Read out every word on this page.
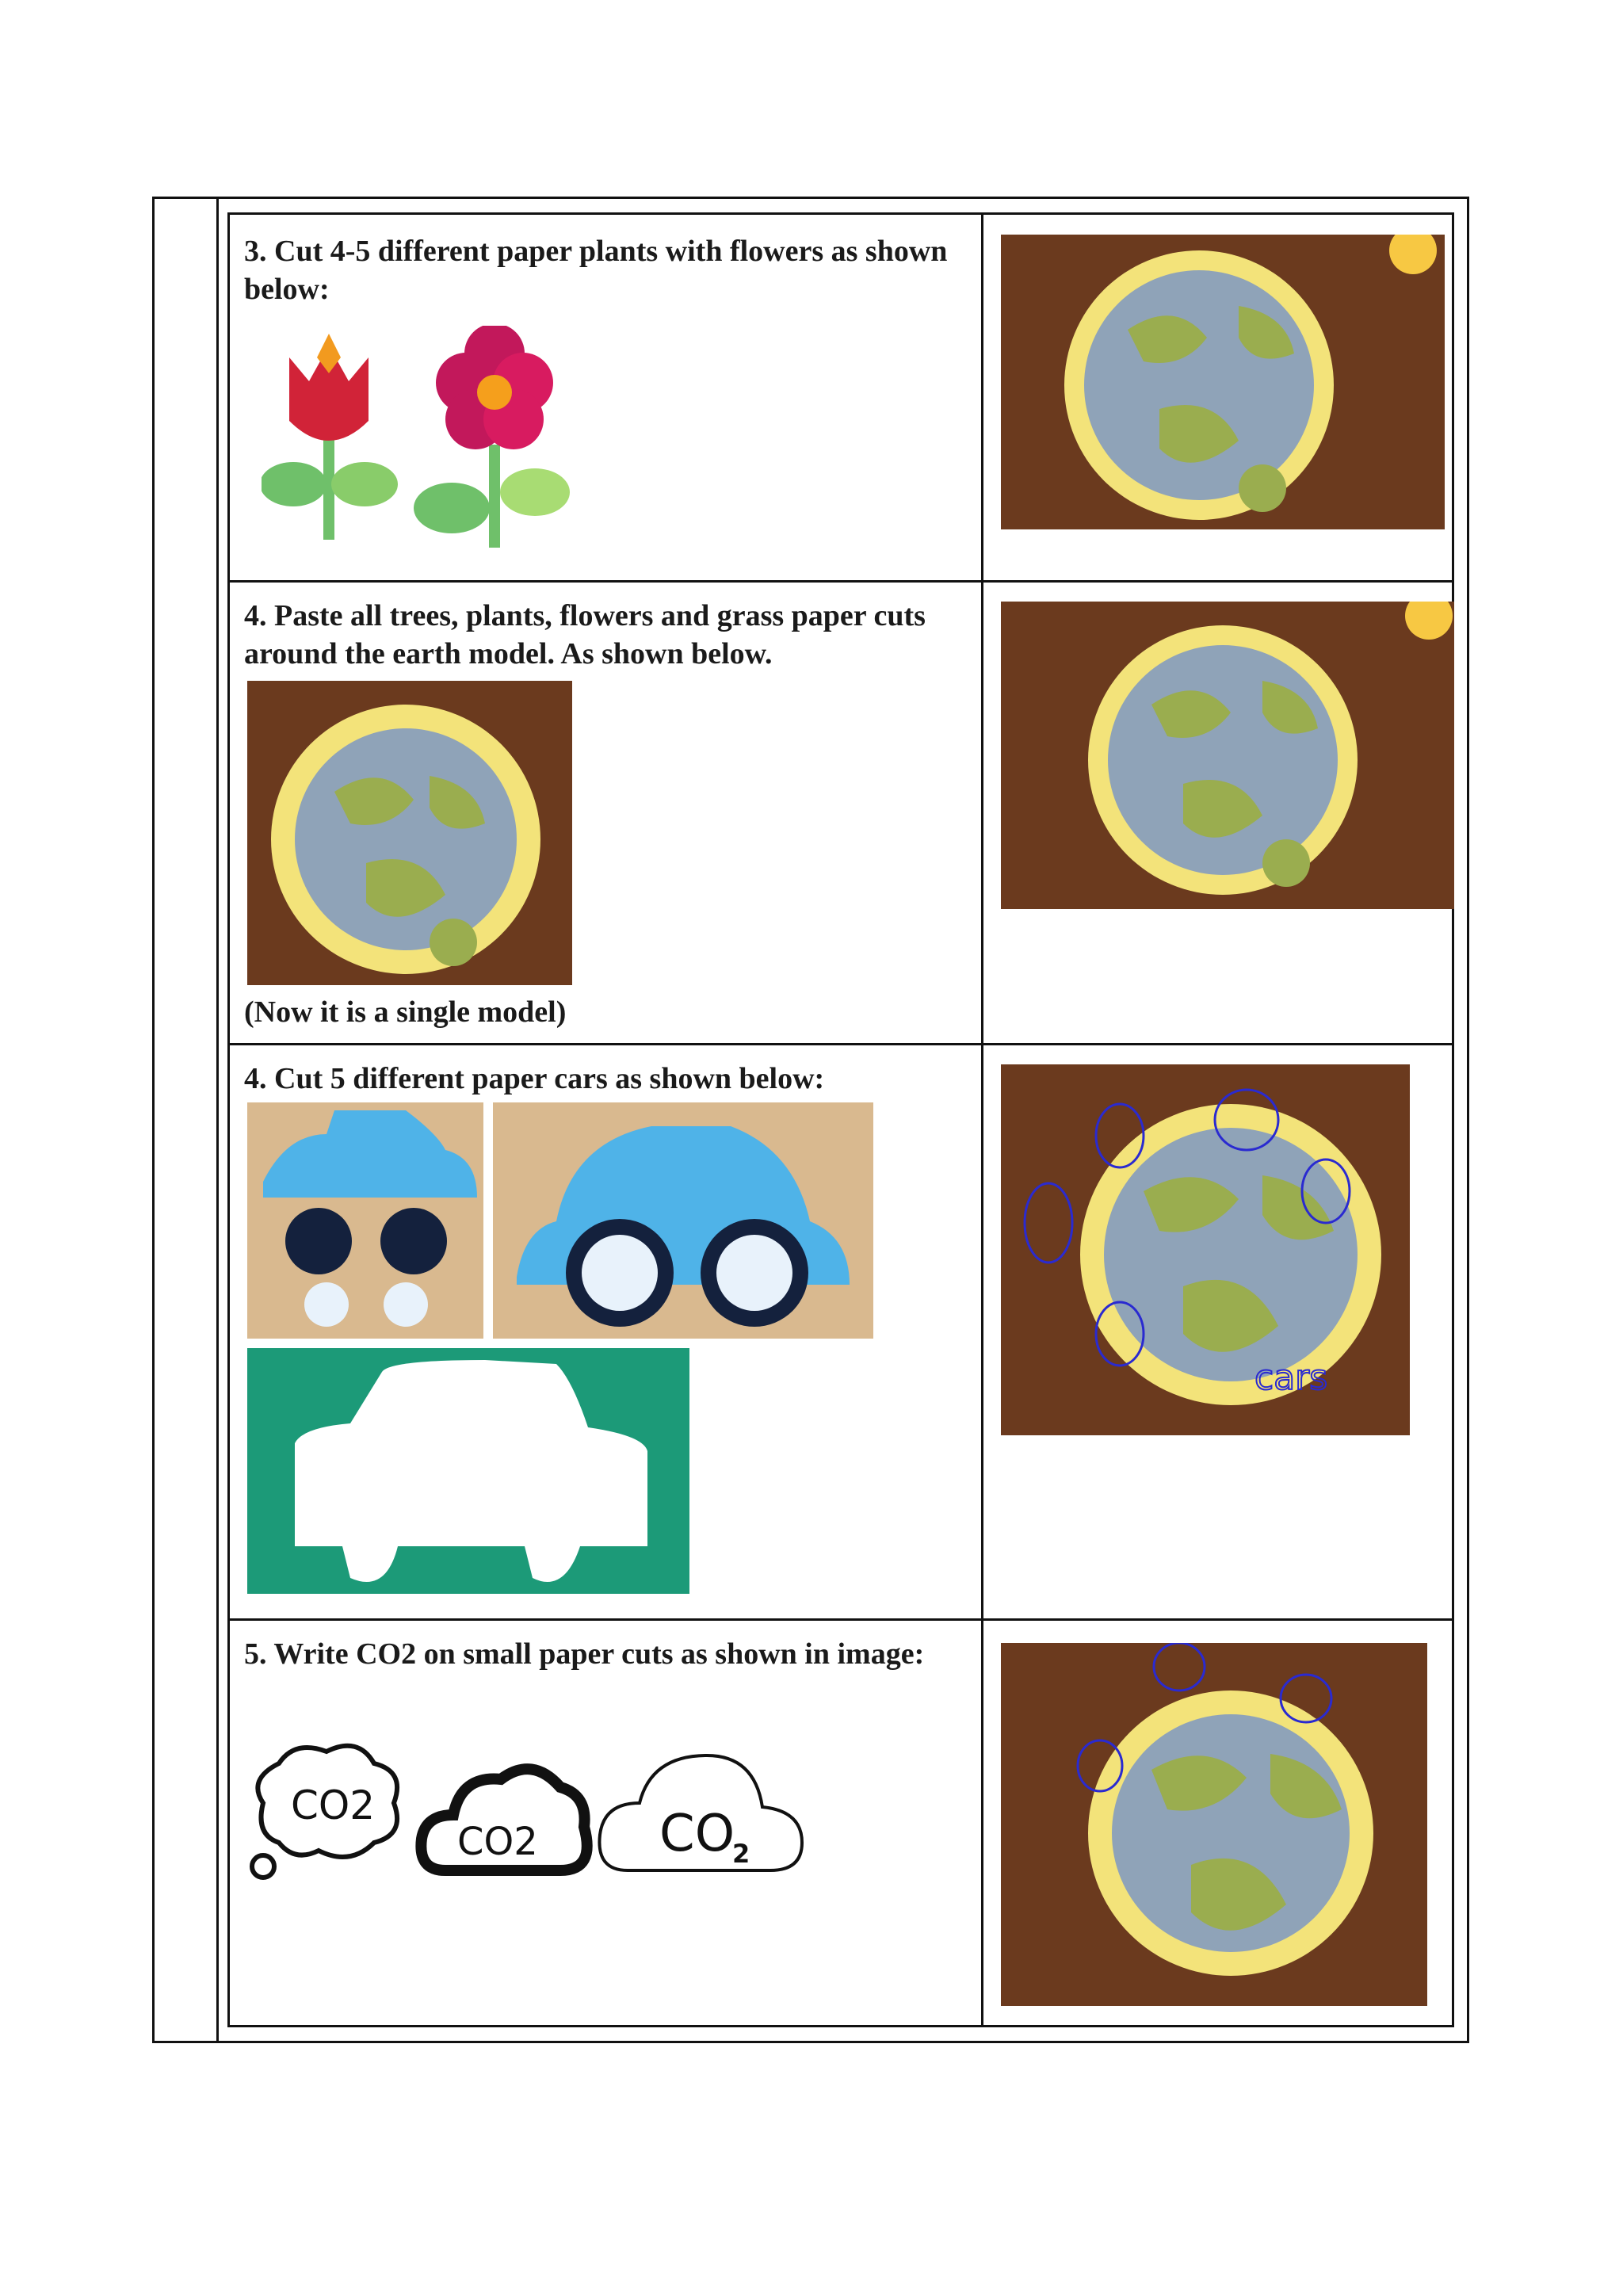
3. Cut 4-5 different paper plants with flowers as shown below:

4. Paste all trees, plants, flowers and grass paper cuts around the earth model. As shown below.

(Now it is a single model)

4. Cut 5 different paper cars as shown below:

cars

5. Write CO2 on small paper cuts as shown in image:

CO2
CO2 CO
2
